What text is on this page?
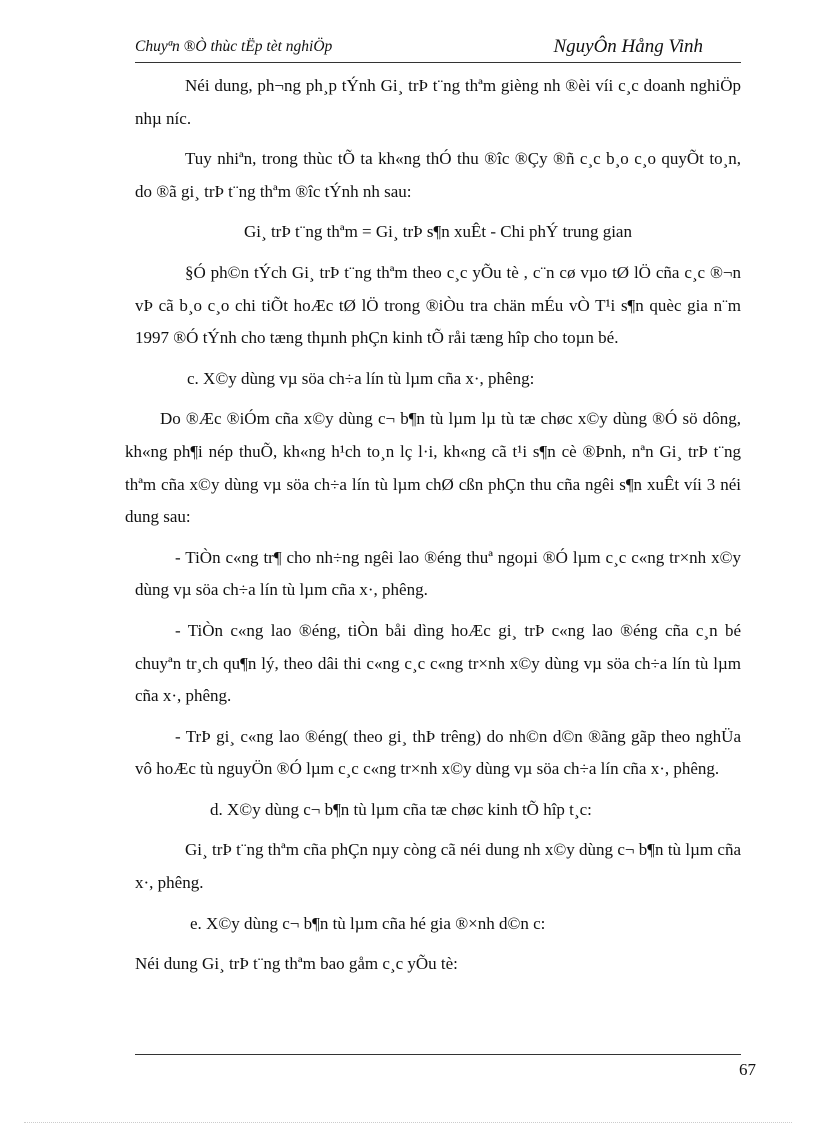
Chuyªn ®Ò thùc tËp tèt nghiÖp	NguyÔn Hång Vinh

Néi dung, ph¬ng ph¸p tÝnh Gi¸ trÞ t¨ng thªm gièng nh ®èi víi c¸c doanh nghiÖp nhµ níc.

Tuy nhiªn, trong thùc tÕ ta kh«ng thÓ thu ®îc ®Çy ®ñ c¸c b¸o c¸o quyÕt to¸n, do ®ã gi¸ trÞ t¨ng thªm ®îc tÝnh nh sau:

Gi¸ trÞ t¨ng thªm = Gi¸ trÞ s¶n xuÊt - Chi phÝ trung gian

§Ó ph©n tÝch Gi¸ trÞ t¨ng thªm theo c¸c yÕu tè , c¨n cø vµo tØ lÖ cña c¸c ®¬n vÞ cã b¸o c¸o chi tiÕt hoÆc tØ lÖ trong ®iÒu tra chän mÉu vÒ T¹i s¶n quèc gia n¨m 1997 ®Ó tÝnh cho tæng thµnh phÇn kinh tÕ råi tæng hîp cho toµn bé.

c. X©y dùng vµ söa ch÷a lín tù lµm cña x·, phêng:

Do ®Æc ®iÓm cña x©y dùng c¬ b¶n tù lµm lµ tù tæ chøc x©y dùng ®Ó sö dông, kh«ng ph¶i nép thuÕ, kh«ng h¹ch to¸n lç l·i, kh«ng cã t¹i s¶n cè ®Þnh, nªn Gi¸ trÞ t¨ng thªm cña x©y dùng vµ söa ch÷a lín tù lµm chØ cßn phÇn thu cña ngêi s¶n xuÊt víi 3 néi dung sau:

- TiÒn c«ng tr¶ cho nh÷ng ngêi lao ®éng thuª ngoµi ®Ó lµm c¸c c«ng tr×nh x©y dùng vµ söa ch÷a lín tù lµm cña x·, phêng.

- TiÒn c«ng lao ®éng, tiÒn båi dìng hoÆc gi¸ trÞ c«ng lao ®éng cña c¸n bé chuyªn tr¸ch qu¶n lý, theo dâi thi c«ng c¸c c«ng tr×nh x©y dùng vµ söa ch÷a lín tù lµm cña x·, phêng.

- TrÞ gi¸ c«ng lao ®éng( theo gi¸ thÞ trêng) do nh©n d©n ®ãng gãp theo nghÜa vô hoÆc tù nguyÖn ®Ó lµm c¸c c«ng tr×nh x©y dùng vµ söa ch÷a lín cña x·, phêng.

d. X©y dùng c¬ b¶n tù lµm cña tæ chøc kinh tÕ hîp t¸c:

Gi¸ trÞ t¨ng thªm cña phÇn nµy còng cã néi dung nh x©y dùng c¬ b¶n tù lµm cña x·, phêng.

e. X©y dùng c¬ b¶n tù lµm cña hé gia ®×nh d©n c:

Néi dung Gi¸ trÞ t¨ng thªm bao gåm c¸c yÕu tè:

67
